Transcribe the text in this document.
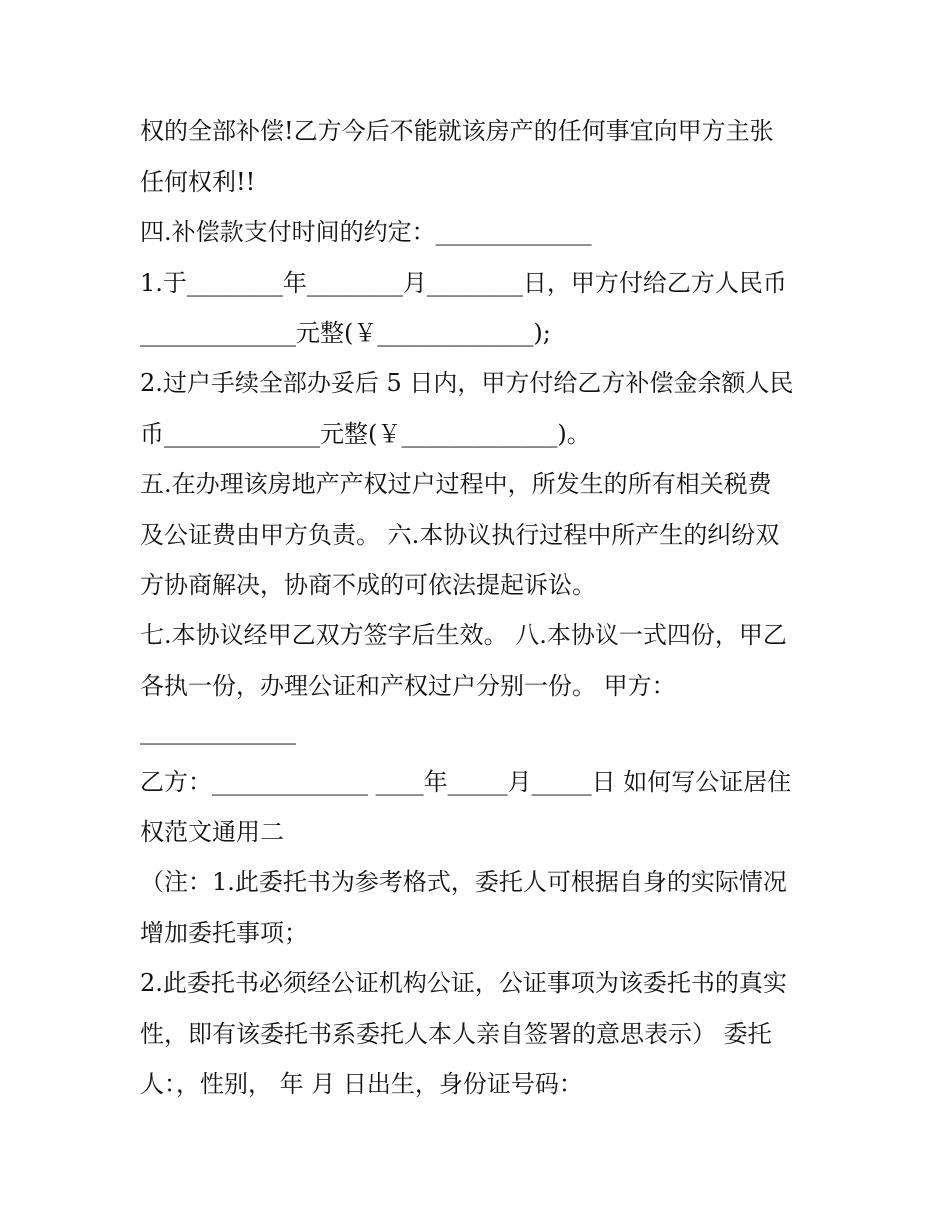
权的全部补偿!乙方今后不能就该房产的任何事宜向甲方主张
任何权利!!
四.补偿款支付时间的约定：_____________
1.于________年________月________日，甲方付给乙方人民币
_____________元整(￥_____________);
2.过户手续全部办妥后 5 日内，甲方付给乙方补偿金余额人民
币_____________元整(￥_____________)。
五.在办理该房地产产权过户过程中，所发生的所有相关税费
及公证费由甲方负责。 六.本协议执行过程中所产生的纠纷双
方协商解决，协商不成的可依法提起诉讼。
七.本协议经甲乙双方签字后生效。 八.本协议一式四份，甲乙
各执一份，办理公证和产权过户分别一份。 甲方：
_____________
乙方：_____________ ____年_____月_____日 如何写公证居住
权范文通用二
（注：1.此委托书为参考格式，委托人可根据自身的实际情况
增加委托事项；
2.此委托书必须经公证机构公证，公证事项为该委托书的真实
性，即有该委托书系委托人本人亲自签署的意思表示） 委托
人：，性别， 年 月 日出生，身份证号码：
